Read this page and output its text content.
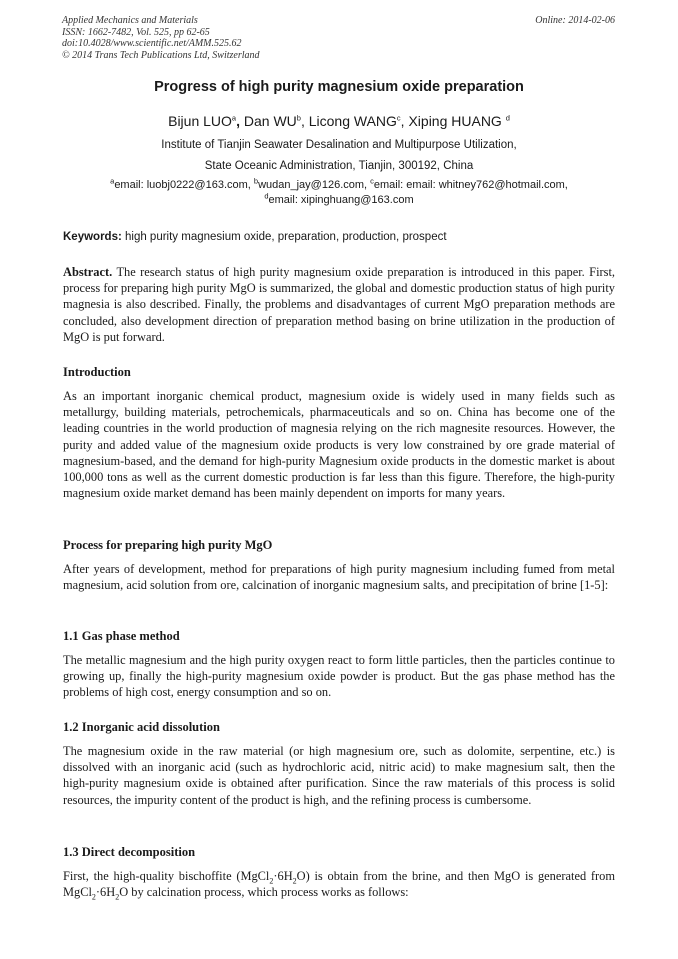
Applied Mechanics and Materials
ISSN: 1662-7482, Vol. 525, pp 62-65
doi:10.4028/www.scientific.net/AMM.525.62
© 2014 Trans Tech Publications Ltd, Switzerland
Online: 2014-02-06
Progress of high purity magnesium oxide preparation
Bijun LUO$^a$, Dan $WU^b$, Licong WANG$^c$, Xiping HUANG $^d$
Institute of Tianjin Seawater Desalination and Multipurpose Utilization,
State Oceanic Administration, Tianjin, 300192, China
$^a$email: luobj0222@163.com, $^b$wudan_jay@126.com, $^c$email: email: whitney762@hotmail.com,
$^d$email: xipinghuang@163.com
Keywords: high purity magnesium oxide, preparation, production, prospect

Abstract. The research status of high purity magnesium oxide preparation is introduced in this paper. First, process for preparing high purity MgO is summarized, the global and domestic production status of high purity magnesia is also described. Finally, the problems and disadvantages of current MgO preparation methods are concluded, also development direction of preparation method basing on brine utilization in the production of MgO is put forward.

Introduction

As an important inorganic chemical product, magnesium oxide is widely used in many fields such as metallurgy, building materials, petrochemicals, pharmaceuticals and so on. China has become one of the leading countries in the world production of magnesia relying on the rich magnesite resources. However, the purity and added value of the magnesium oxide products is very low constrained by ore grade material of magnesium-based, and the demand for high-purity Magnesium oxide products in the domestic market is about 100,000 tons as well as the current domestic production is far less than this figure. Therefore, the high-purity magnesium oxide market demand has been mainly dependent on imports for many years.

Process for preparing high purity MgO

After years of development, method for preparations of high purity magnesium including fumed from metal magnesium, acid solution from ore, calcination of inorganic magnesium salts, and precipitation of brine [1-5]:

1.1 Gas phase method

The metallic magnesium and the high purity oxygen react to form little particles, then the particles continue to growing up, finally the high-purity magnesium oxide powder is product. But the gas phase method has the problems of high cost, energy consumption and so on.

1.2 Inorganic acid dissolution

The magnesium oxide in the raw material (or high magnesium ore, such as dolomite, serpentine, etc.) is dissolved with an inorganic acid (such as hydrochloric acid, nitric acid) to make magnesium salt, then the high-purity magnesium oxide is obtained after purification. Since the raw materials of this process is solid resources, the impurity content of the product is high, and the refining process is cumbersome.

1.3 Direct decomposition

First, the high-quality bischoffite $(MgCl_2\cdot 6H_2O)$ is obtain from the brine, and then MgO is generated from $MgCl_2\cdot 6H_2O$ by calcination process, which process works as follows:
